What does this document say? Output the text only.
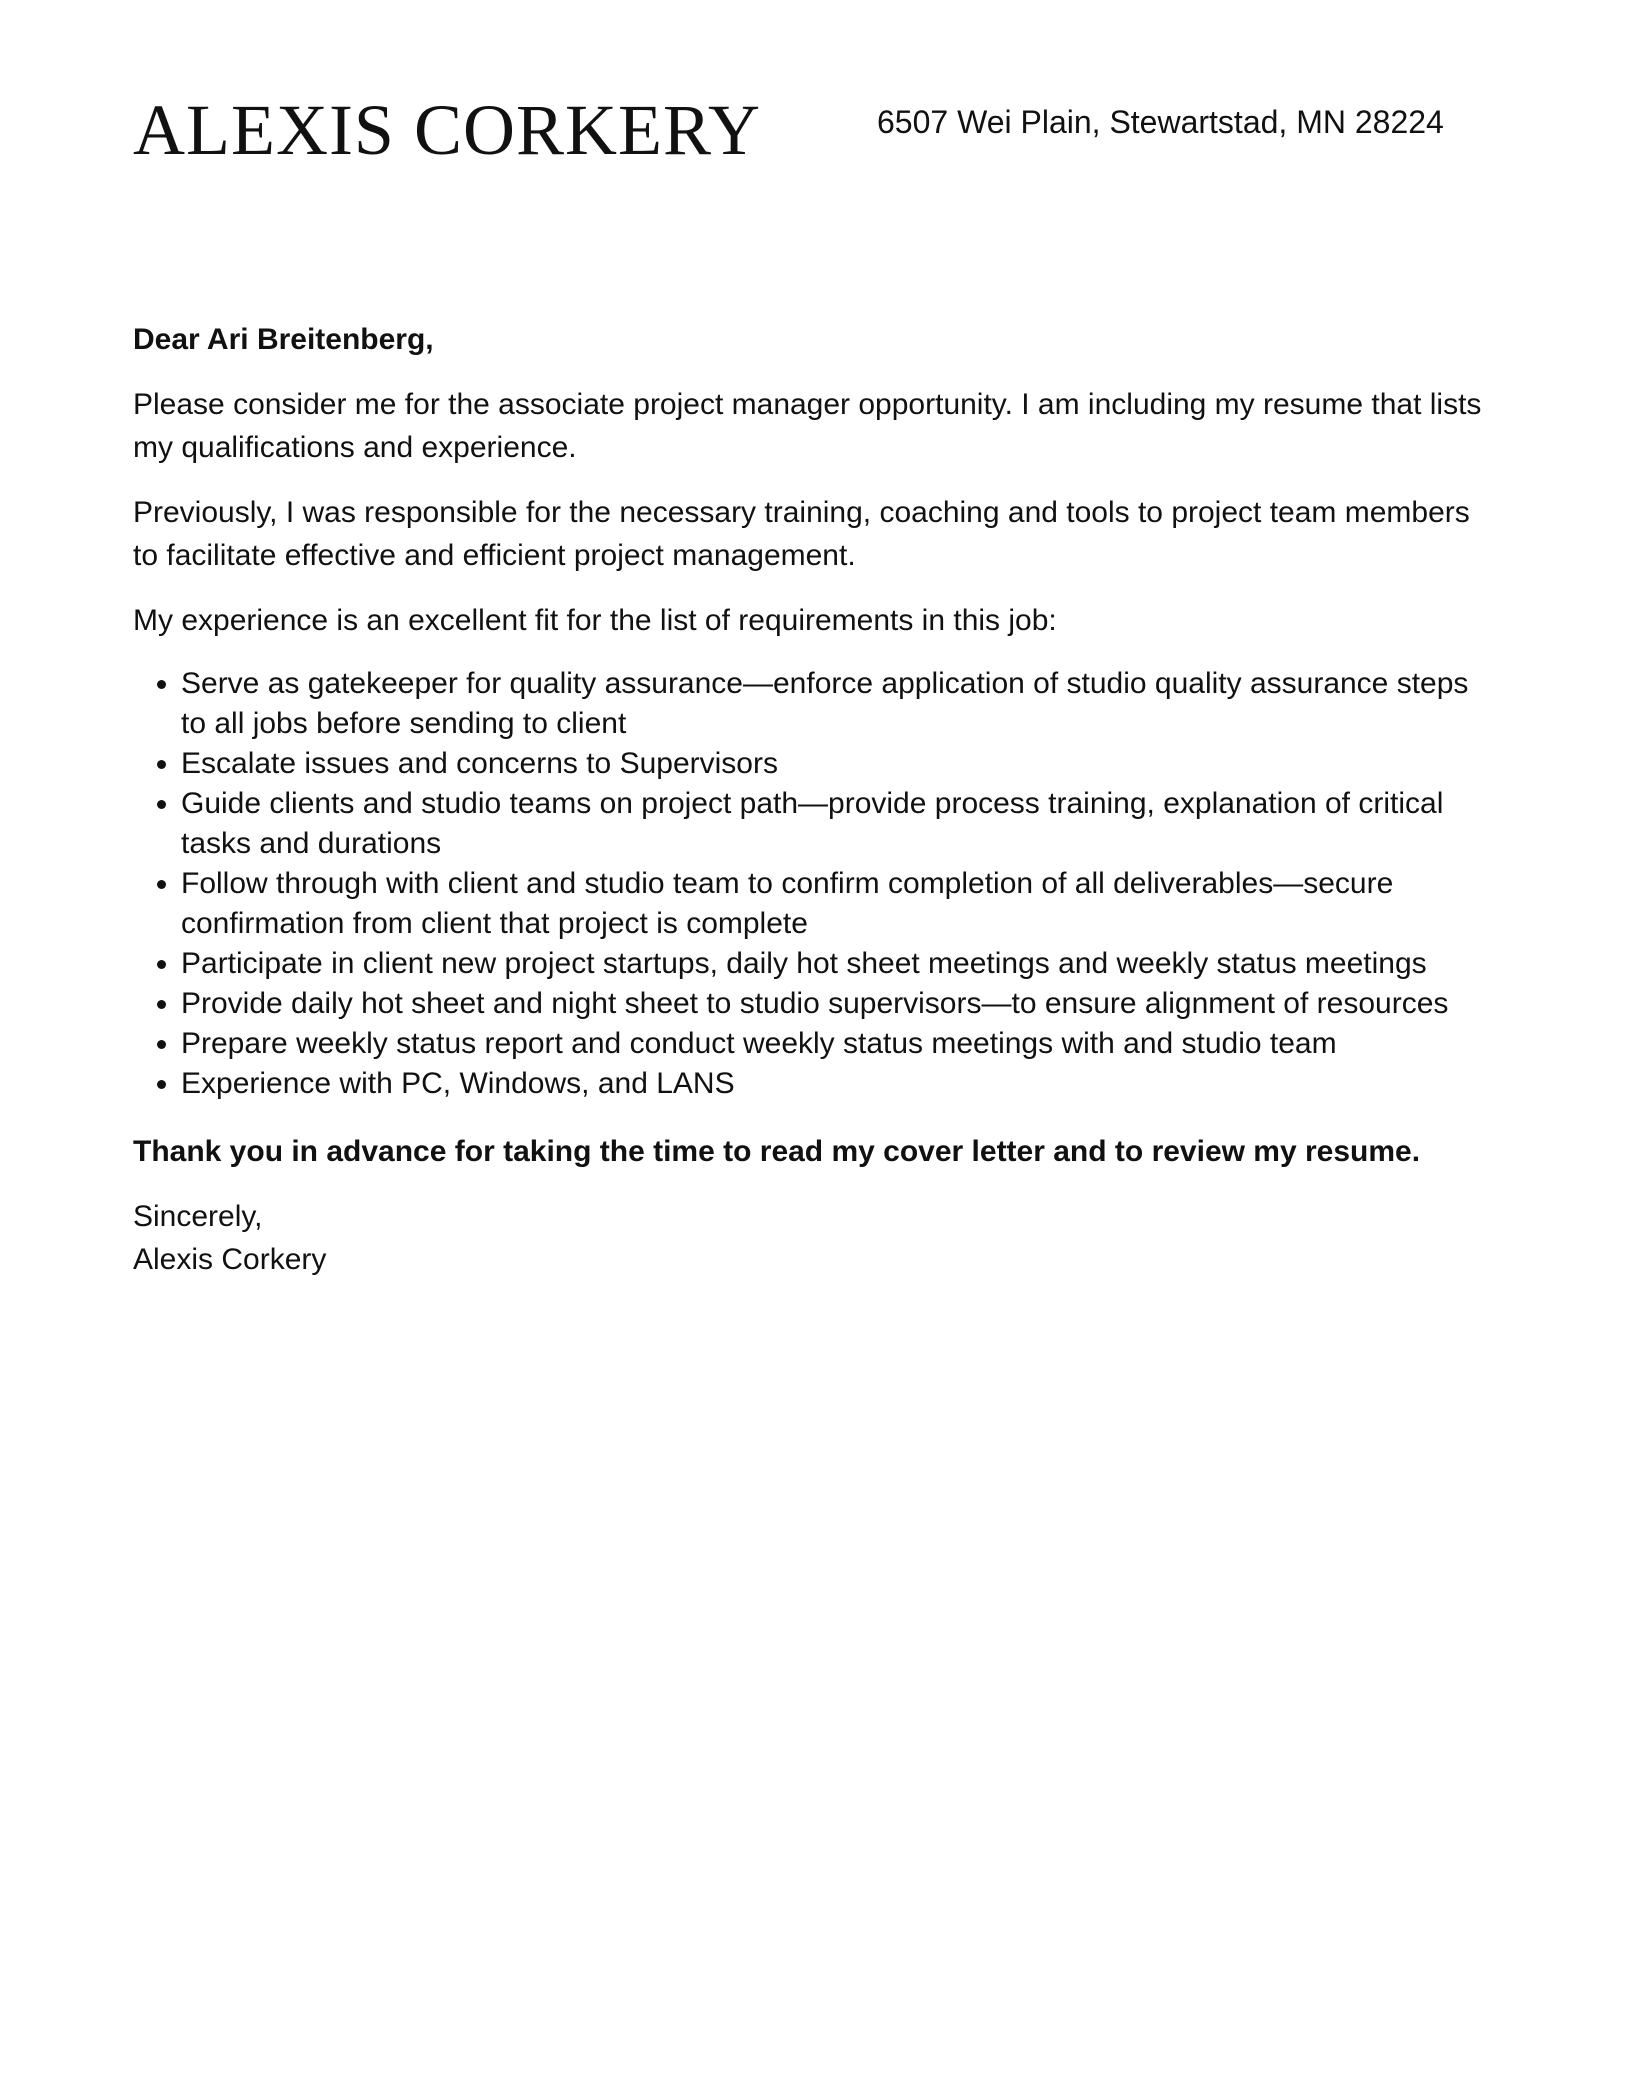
ALEXIS CORKERY	6507 Wei Plain, Stewartstad, MN 28224

Dear Ari Breitenberg,

Please consider me for the associate project manager opportunity. I am including my resume that lists my qualifications and experience.

Previously, I was responsible for the necessary training, coaching and tools to project team members to facilitate effective and efficient project management.

My experience is an excellent fit for the list of requirements in this job:

• Serve as gatekeeper for quality assurance—enforce application of studio quality assurance steps to all jobs before sending to client
• Escalate issues and concerns to Supervisors
• Guide clients and studio teams on project path—provide process training, explanation of critical tasks and durations
• Follow through with client and studio team to confirm completion of all deliverables—secure confirmation from client that project is complete
• Participate in client new project startups, daily hot sheet meetings and weekly status meetings
• Provide daily hot sheet and night sheet to studio supervisors—to ensure alignment of resources
• Prepare weekly status report and conduct weekly status meetings with and studio team
• Experience with PC, Windows, and LANS

Thank you in advance for taking the time to read my cover letter and to review my resume.

Sincerely,

Alexis Corkery
